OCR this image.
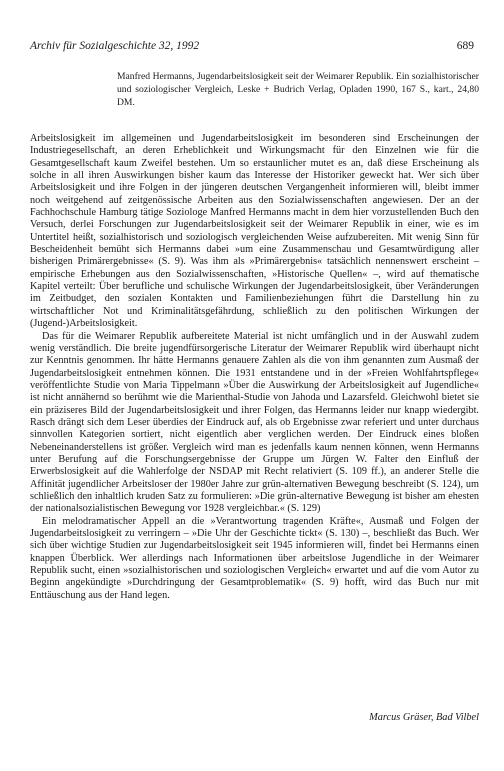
Archiv für Sozialgeschichte 32, 1992	689
Manfred Hermanns, Jugendarbeitslosigkeit seit der Weimarer Republik. Ein sozialhistorischer und soziologischer Vergleich, Leske + Budrich Verlag, Opladen 1990, 167 S., kart., 24,80 DM.

Arbeitslosigkeit im allgemeinen und Jugendarbeitslosigkeit im besonderen sind Erscheinungen der Industriegesellschaft, an deren Erheblichkeit und Wirkungsmacht für den Einzelnen wie für die Gesamtgesellschaft kaum Zweifel bestehen. Um so erstaunlicher mutet es an, daß diese Erscheinung als solche in all ihren Auswirkungen bisher kaum das Interesse der Historiker geweckt hat. Wer sich über Arbeitslosigkeit und ihre Folgen in der jüngeren deutschen Vergangenheit informieren will, bleibt immer noch weitgehend auf zeitgenössische Arbeiten aus den Sozialwissenschaften angewiesen. Der an der Fachhochschule Hamburg tätige Soziologe Manfred Hermanns macht in dem hier vorzustellenden Buch den Versuch, derlei Forschungen zur Jugendarbeitslosigkeit seit der Weimarer Republik in einer, wie es im Untertitel heißt, sozialhistorisch und soziologisch vergleichenden Weise aufzubereiten. Mit wenig Sinn für Bescheidenheit bemüht sich Hermanns dabei »um eine Zusammenschau und Gesamtwürdigung aller bisherigen Primärergebnisse« (S. 9). Was ihm als »Primärergebnis« tatsächlich nennenswert erscheint – empirische Erhebungen aus den Sozialwissenschaften, »Historische Quellen« –, wird auf thematische Kapitel verteilt: Über berufliche und schulische Wirkungen der Jugendarbeitslosigkeit, über Veränderungen im Zeitbudget, den sozialen Kontakten und Familienbeziehungen führt die Darstellung hin zu wirtschaftlicher Not und Kriminalitätsgefährdung, schließlich zu den politischen Wirkungen der (Jugend-)Arbeitslosigkeit.

Das für die Weimarer Republik aufbereitete Material ist nicht umfänglich und in der Auswahl zudem wenig verständlich. Die breite jugendfürsorgerische Literatur der Weimarer Republik wird überhaupt nicht zur Kenntnis genommen. Ihr hätte Hermanns genauere Zahlen als die von ihm genannten zum Ausmaß der Jugendarbeitslosigkeit entnehmen können. Die 1931 entstandene und in der »Freien Wohlfahrtspflege« veröffentlichte Studie von Maria Tippelmann »Über die Auswirkung der Arbeitslosigkeit auf Jugendliche« ist nicht annähernd so berühmt wie die Marienthal-Studie von Jahoda und Lazarsfeld. Gleichwohl bietet sie ein präziseres Bild der Jugendarbeitslosigkeit und ihrer Folgen, das Hermanns leider nur knapp wiedergibt. Rasch drängt sich dem Leser überdies der Eindruck auf, als ob Ergebnisse zwar referiert und unter durchaus sinnvollen Kategorien sortiert, nicht eigentlich aber verglichen werden. Der Eindruck eines bloßen Nebeneinanderstellens ist größer. Vergleich wird man es jedenfalls kaum nennen können, wenn Hermanns unter Berufung auf die Forschungsergebnisse der Gruppe um Jürgen W. Falter den Einfluß der Erwerbslosigkeit auf die Wahlerfolge der NSDAP mit Recht relativiert (S. 109 ff.), an anderer Stelle die Affinität jugendlicher Arbeitsloser der 1980er Jahre zur grün-alternativen Bewegung beschreibt (S. 124), um schließlich den inhaltlich kruden Satz zu formulieren: »Die grün-alternative Bewegung ist bisher am ehesten der nationalsozialistischen Bewegung vor 1928 vergleichbar.« (S. 129)

Ein melodramatischer Appell an die »Verantwortung tragenden Kräfte«, Ausmaß und Folgen der Jugendarbeitslosigkeit zu verringern – »Die Uhr der Geschichte tickt« (S. 130) –, beschließt das Buch. Wer sich über wichtige Studien zur Jugendarbeitslosigkeit seit 1945 informieren will, findet bei Hermanns einen knappen Überblick. Wer allerdings nach Informationen über arbeitslose Jugendliche in der Weimarer Republik sucht, einen »sozialhistorischen und soziologischen Vergleich« erwartet und auf die vom Autor zu Beginn angekündigte »Durchdringung der Gesamtproblematik« (S. 9) hofft, wird das Buch nur mit Enttäuschung aus der Hand legen.

Marcus Gräser, Bad Vilbel
